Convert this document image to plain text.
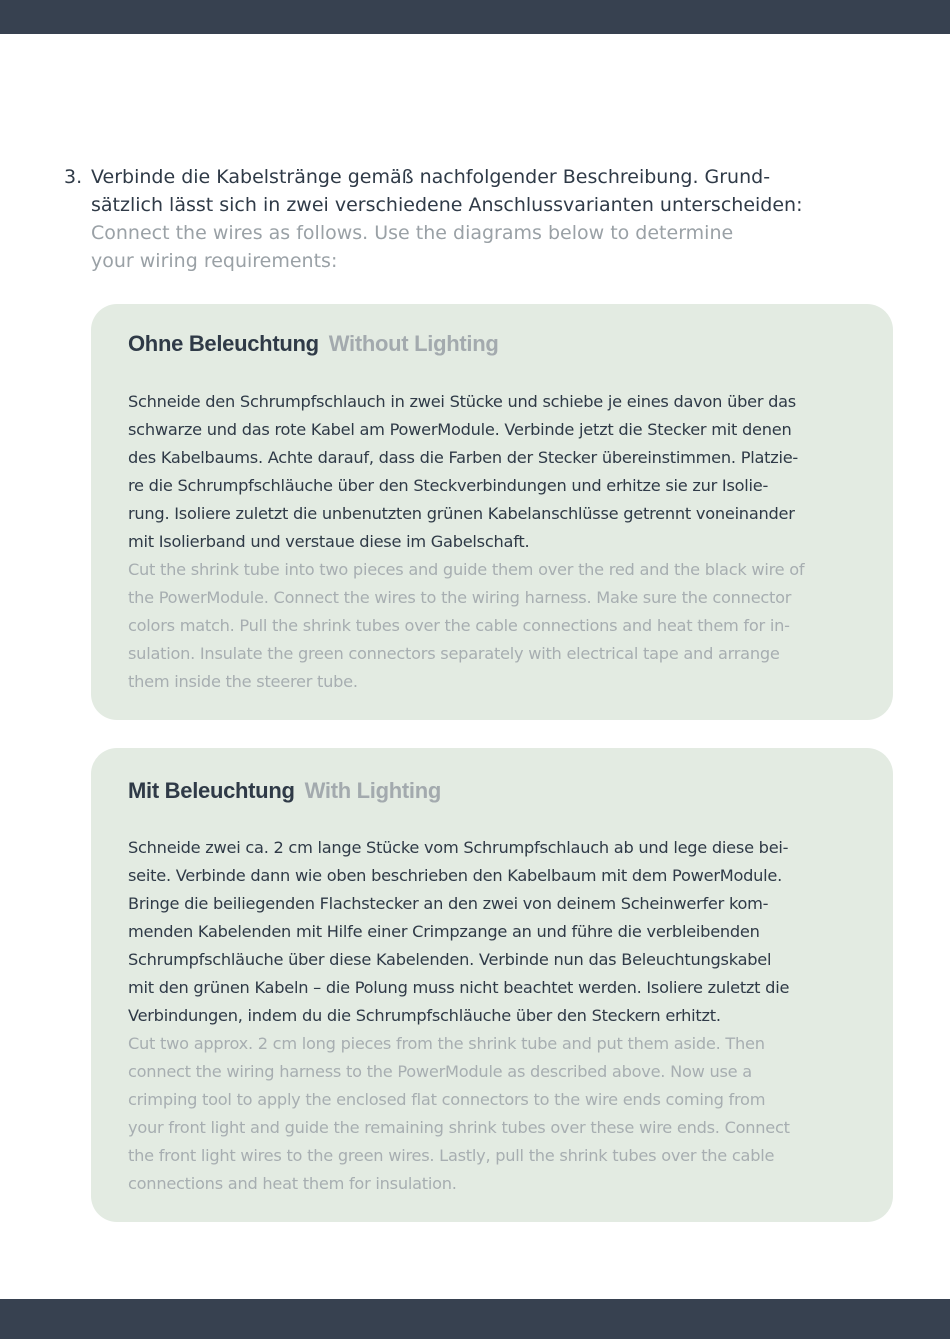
3. Verbinde die Kabelstränge gemäß nachfolgender Beschreibung. Grund-
sätzlich lässt sich in zwei verschiedene Anschlussvarianten unterscheiden:
Connect the wires as follows. Use the diagrams below to determine
your wiring requirements:
Ohne Beleuchtung Without Lighting
Schneide den Schrumpfschlauch in zwei Stücke und schiebe je eines davon über das
schwarze und das rote Kabel am PowerModule. Verbinde jetzt die Stecker mit denen
des Kabelbaums. Achte darauf, dass die Farben der Stecker übereinstimmen. Platzie-
re die Schrumpfschläuche über den Steckverbindungen und erhitze sie zur Isolie-
rung. Isoliere zuletzt die unbenutzten grünen Kabelanschlüsse getrennt voneinander
mit Isolierband und verstaue diese im Gabelschaft.
Cut the shrink tube into two pieces and guide them over the red and the black wire of
the PowerModule. Connect the wires to the wiring harness. Make sure the connector
colors match. Pull the shrink tubes over the cable connections and heat them for in-
sulation. Insulate the green connectors separately with electrical tape and arrange
them inside the steerer tube.
Mit Beleuchtung With Lighting
Schneide zwei ca. 2 cm lange Stücke vom Schrumpfschlauch ab und lege diese bei-
seite. Verbinde dann wie oben beschrieben den Kabelbaum mit dem PowerModule.
Bringe die beiliegenden Flachstecker an den zwei von deinem Scheinwerfer kom-
menden Kabelenden mit Hilfe einer Crimpzange an und führe die verbleibenden
Schrumpfschläuche über diese Kabelenden. Verbinde nun das Beleuchtungskabel
mit den grünen Kabeln – die Polung muss nicht beachtet werden. Isoliere zuletzt die
Verbindungen, indem du die Schrumpfschläuche über den Steckern erhitzt.
Cut two approx. 2 cm long pieces from the shrink tube and put them aside. Then
connect the wiring harness to the PowerModule as described above. Now use a
crimping tool to apply the enclosed flat connectors to the wire ends coming from
your front light and guide the remaining shrink tubes over these wire ends. Connect
the front light wires to the green wires. Lastly, pull the shrink tubes over the cable
connections and heat them for insulation.
